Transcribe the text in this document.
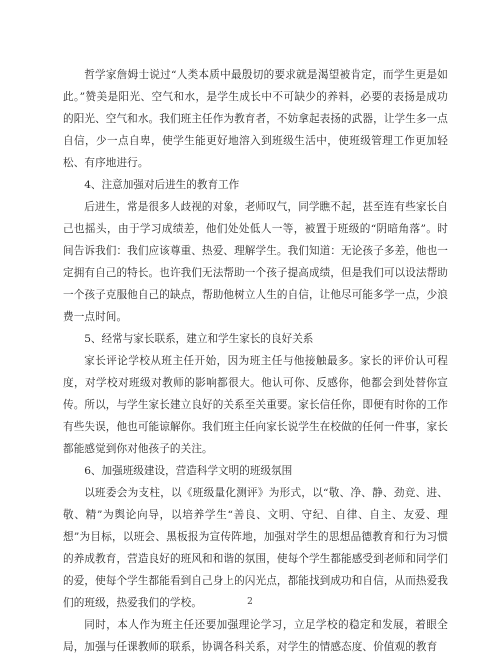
哲学家詹姆士说过“人类本质中最殷切的要求就是渴望被肯定，而学生更是如此。”赞美是阳光、空气和水，是学生成长中不可缺少的养料，必要的表扬是成功的阳光、空气和水。我们班主任作为教育者，不妨拿起表扬的武器，让学生多一点自信，少一点自卑，使学生能更好地溶入到班级生活中，使班级管理工作更加轻松、有序地进行。

4、注意加强对后进生的教育工作

后进生，常是很多人歧视的对象，老师叹气，同学瞧不起，甚至连有些家长自己也摇头，由于学习成绩差，他们处处低人一等，被置于班级的“阴暗角落”。时间告诉我们：我们应该尊重、热爱、理解学生。我们知道：无论孩子多差，他也一定拥有自己的特长。也许我们无法帮助一个孩子提高成绩，但是我们可以设法帮助一个孩子克服他自己的缺点，帮助他树立人生的自信，让他尽可能多学一点，少浪费一点时间。

5、经常与家长联系，建立和学生家长的良好关系

家长评论学校从班主任开始，因为班主任与他接触最多。家长的评价认可程度，对学校对班级对教师的影响都很大。他认可你、反感你，他都会到处替你宣传。所以，与学生家长建立良好的关系至关重要。家长信任你，即便有时你的工作有些失误，他也可能谅解你。我们班主任向家长说学生在校做的任何一件事，家长都能感觉到你对他孩子的关注。

6、加强班级建设，营造科学文明的班级氛围

以班委会为支柱，以《班级量化测评》为形式，以“敬、净、静、劲竞、进、敬、精”为舆论向导，以培养学生“善良、文明、守纪、自律、自主、友爱、理想”为目标，以班会、黑板报为宣传阵地，加强对学生的思想品德教育和行为习惯的养成教育，营造良好的班风和和谐的氛围，使每个学生都能感受到老师和同学们的爱，使每个学生都能看到自己身上的闪光点，都能找到成功和自信，从而热爱我们的班级，热爱我们的学校。

同时，本人作为班主任还要加强理论学习，立足学校的稳定和发展，着眼全局，加强与任课教师的联系，协调各科关系，对学生的情感态度、价值观的教育

2
